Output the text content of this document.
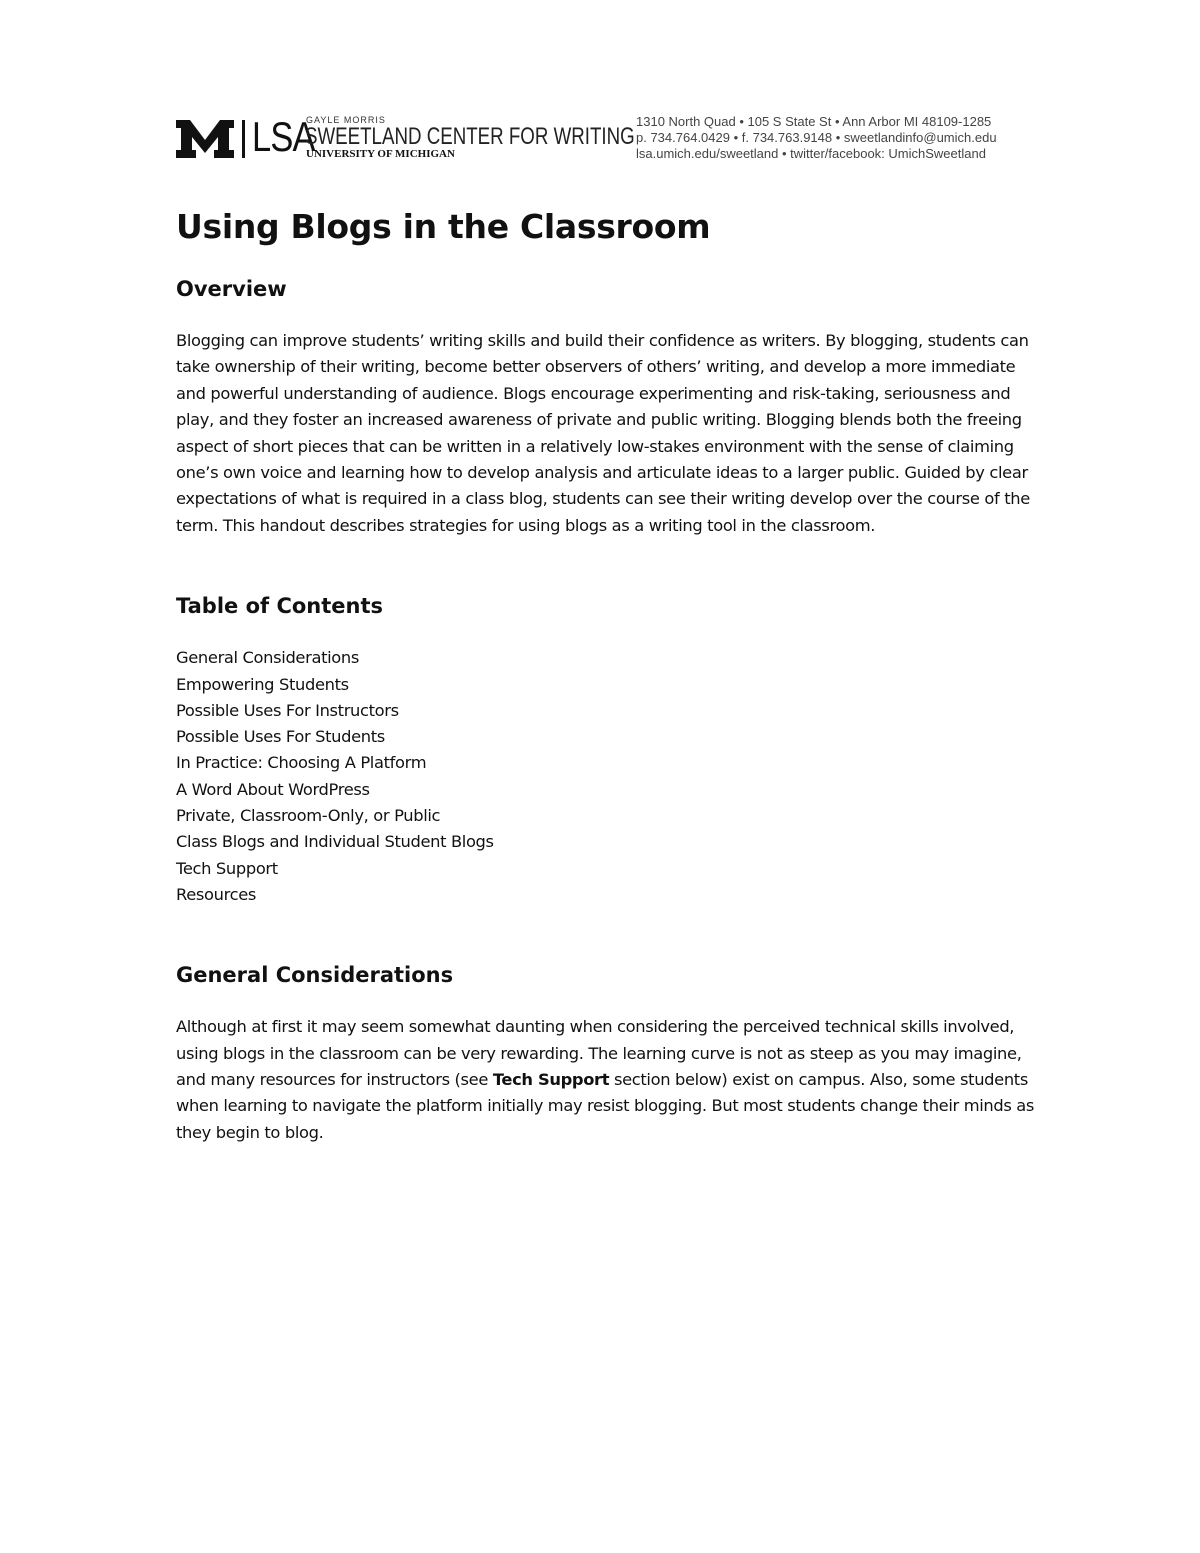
LSA
GAYLE MORRIS
SWEETLAND CENTER FOR WRITING
UNIVERSITY OF MICHIGAN
1310 North Quad • 105 S State St • Ann Arbor MI 48109-1285
p. 734.764.0429 • f. 734.763.9148 • sweetlandinfo@umich.edu
lsa.umich.edu/sweetland • twitter/facebook: UmichSweetland
Using Blogs in the Classroom
Overview

Blogging can improve students’ writing skills and build their confidence as writers. By blogging, students can take ownership of their writing, become better observers of others’ writing, and develop a more immediate and powerful understanding of audience. Blogs encourage experimenting and risk-taking, seriousness and play, and they foster an increased awareness of private and public writing. Blogging blends both the freeing aspect of short pieces that can be written in a relatively low-stakes environment with the sense of claiming one’s own voice and learning how to develop analysis and articulate ideas to a larger public. Guided by clear expectations of what is required in a class blog, students can see their writing develop over the course of the term. This handout describes strategies for using blogs as a writing tool in the classroom.

Table of Contents
General Considerations
Empowering Students
Possible Uses For Instructors
Possible Uses For Students
In Practice: Choosing A Platform
A Word About WordPress
Private, Classroom-Only, or Public
Class Blogs and Individual Student Blogs
Tech Support
Resources
General Considerations

Although at first it may seem somewhat daunting when considering the perceived technical skills involved, using blogs in the classroom can be very rewarding. The learning curve is not as steep as you may imagine, and many resources for instructors (see Tech Support section below) exist on campus. Also, some students when learning to navigate the platform initially may resist blogging. But most students change their minds as they begin to blog.
